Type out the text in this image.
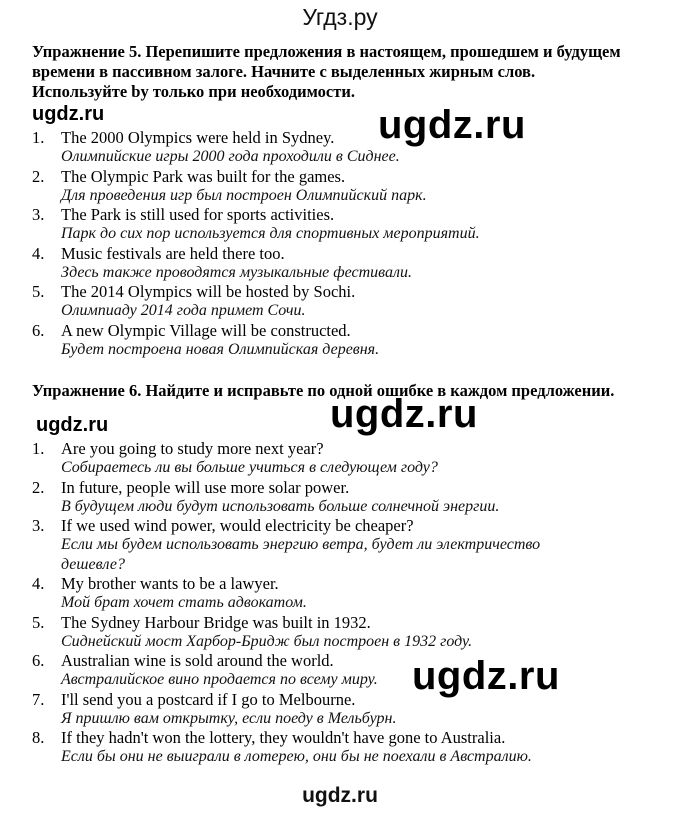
Угдз.ру
Упражнение 5. Перепишите предложения в настоящем, прошедшем и будущем времени в пассивном залоге. Начните с выделенных жирным слов. Используйте by только при необходимости.
ugdz.ru	ugdz.ru
1. The 2000 Olympics were held in Sydney.
Олимпийские игры 2000 года проходили в Сиднее.
2. The Olympic Park was built for the games.
Для проведения игр был построен Олимпийский парк.
3. The Park is still used for sports activities.
Парк до сих пор используется для спортивных мероприятий.
4. Music festivals are held there too.
Здесь также проводятся музыкальные фестивали.
5. The 2014 Olympics will be hosted by Sochi.
Олимпиаду 2014 года примет Сочи.
6. A new Olympic Village will be constructed.
Будет построена новая Олимпийская деревня.
Упражнение 6. Найдите и исправьте по одной ошибке в каждом предложении.
ugdz.ru	ugdz.ru
1. Are you going to study more next year?
Собираетесь ли вы больше учиться в следующем году?
2. In future, people will use more solar power.
В будущем люди будут использовать больше солнечной энергии.
3. If we used wind power, would electricity be cheaper?
Если мы будем использовать энергию ветра, будет ли электричество дешевле?
4. My brother wants to be a lawyer.
Мой брат хочет стать адвокатом.
5. The Sydney Harbour Bridge was built in 1932.
Сиднейский мост Харбор-Бридж был построен в 1932 году.
6. Australian wine is sold around the world.
Австралийское вино продается по всему миру.
7. I'll send you a postcard if I go to Melbourne.
Я пришлю вам открытку, если поеду в Мельбурн.
8. If they hadn't won the lottery, they wouldn't have gone to Australia.
Если бы они не выиграли в лотерею, они бы не поехали в Австралию.
ugdz.ru
ugdz.ru
